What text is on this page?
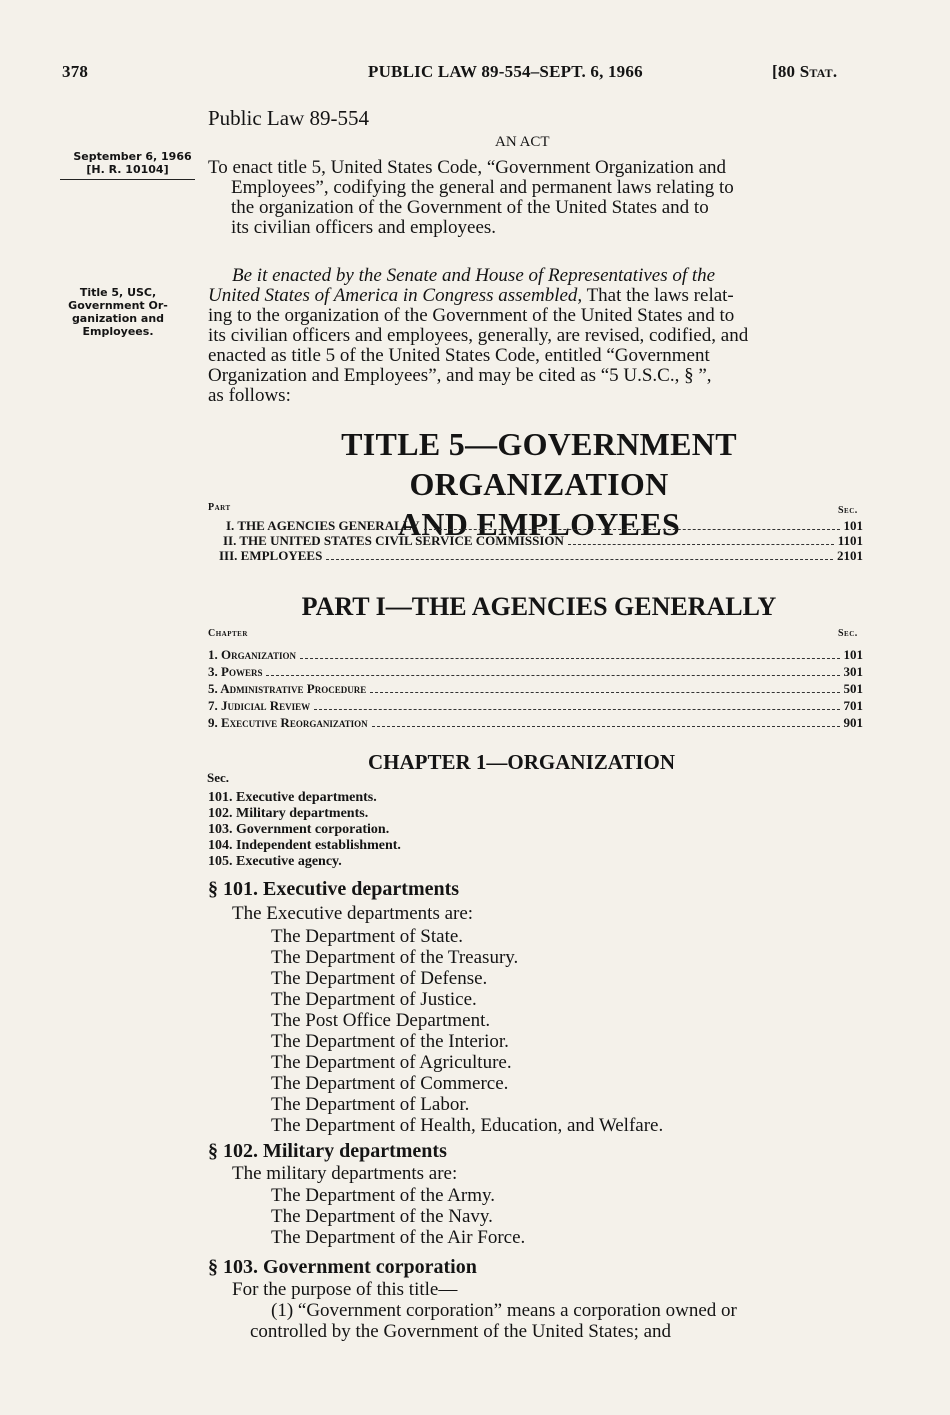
378	PUBLIC LAW 89-554–SEPT. 6, 1966	[80 Stat.
Public Law 89-554
AN ACT
September 6, 1966
[H. R. 10104]
Title 5, USC,
Government Or-
ganization and
Employees.
To enact title 5, United States Code, “Government Organization and
Employees”, codifying the general and permanent laws relating to
the organization of the Government of the United States and to
its civilian officers and employees.
Be it enacted by the Senate and House of Representatives of the
United States of America in Congress assembled, That the laws relat-
ing to the organization of the Government of the United States and to
its civilian officers and employees, generally, are revised, codified, and
enacted as title 5 of the United States Code, entitled “Government
Organization and Employees”, and may be cited as “5 U.S.C., § ”,
as follows:
TITLE 5—GOVERNMENT ORGANIZATION
AND EMPLOYEES
Part	Sec.
I. THE AGENCIES GENERALLY	101
II. THE UNITED STATES CIVIL SERVICE COMMISSION	1101
III. EMPLOYEES	2101
PART I—THE AGENCIES GENERALLY
Chapter	Sec.
1. Organization	101
3. Powers	301
5. Administrative Procedure	501
7. Judicial Review	701
9. Executive Reorganization	901
CHAPTER 1—ORGANIZATION
Sec.
101. Executive departments.
102. Military departments.
103. Government corporation.
104. Independent establishment.
105. Executive agency.
§ 101. Executive departments
The Executive departments are:
The Department of State.
The Department of the Treasury.
The Department of Defense.
The Department of Justice.
The Post Office Department.
The Department of the Interior.
The Department of Agriculture.
The Department of Commerce.
The Department of Labor.
The Department of Health, Education, and Welfare.
§ 102. Military departments
The military departments are:
The Department of the Army.
The Department of the Navy.
The Department of the Air Force.
§ 103. Government corporation
For the purpose of this title—
(1) “Government corporation” means a corporation owned or
controlled by the Government of the United States; and
